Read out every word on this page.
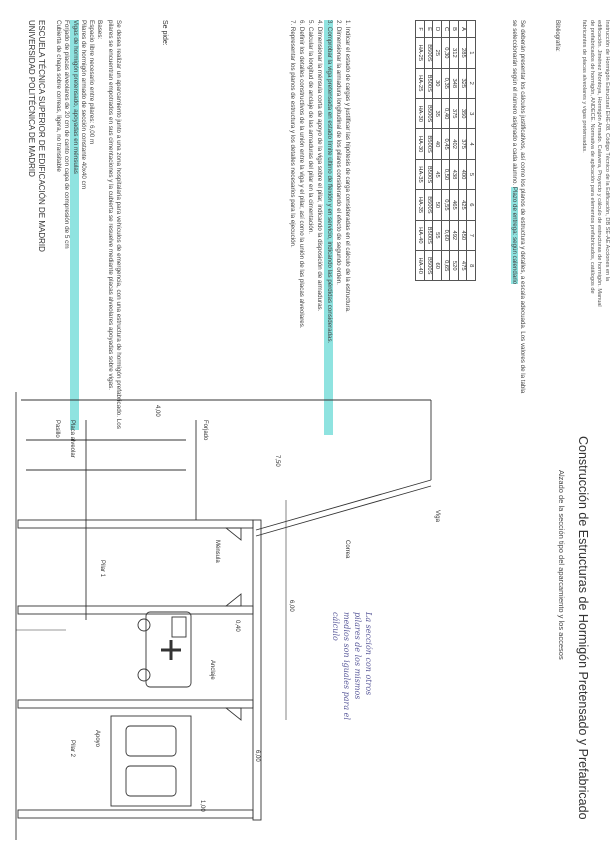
ESCUELA TÉCNICA SUPERIOR DE EDIFICACIÓN DE MADRID
UNIVERSIDAD POLITÉCNICA DE MADRID	Se desea realizar un aparcamiento junto a una zona hospitalaria para vehículos de emergencia, con una estructura de hormigón prefabricado. Los pilares se encuentran empotrados en sus cimentaciones y la cubierta se resuelve mediante placas alveolares apoyadas sobre vigas.
Bases:
Espacio libre necesario entre pilares: 6,00 m
Pilares de hormigón armado de sección constante 40x40 cm
Vigas de hormigón pretensado, apoyadas en ménsulas
Forjado de placas alveolares de 20 cm de canto con capa de compresión de 5 cm
Cubierta de chapa sobre correas, ligera, no transitable	Se pide:	1. Indicar el estado de cargas y justificar las hipótesis de carga consideradas en el cálculo de la estructura.

2. Dimensionar la armadura longitudinal de los pilares considerando el efecto de segundo orden.

3. Comprobar la viga pretensada en estado límite último de flexión y en servicio, indicando las pérdidas consideradas.

4. Dimensionar la ménsula corta de apoyo de la viga sobre el pilar, indicando la disposición de armaduras.

5. Calcular la longitud de anclaje de las armaduras del pilar en la cimentación.

6. Definir los detalles constructivos de la unión entre la viga y el pilar, así como la unión de las placas alveolares.

7. Representar los planos de estructura y los detalles necesarios para la ejecución.

		1	2	3	4	5	6	7	8
A	285	325	350	375	400	425	450	475
B	312	348	375	402	438	465	492	520
C	0,30	0,35	0,40	0,45	0,50	0,55	0,60	0,65
D	25	30	35	40	45	50	55	60
E	B500S	B500S	B500S	B500S	B500S	B500S	B500S	B500S
F	HA-25	HA-25	HA-30	HA-30	HA-35	HA-35	HA-40	HA-40	Se deberán presentar los cálculos justificativos, así como los planos de estructura y detalles, a escala adecuada. Los valores de la tabla se seleccionarán según el número asignado a cada alumno. Plazo de entrega: según calendario
Bibliografía:	Instrucción de Hormigón Estructural EHE-08. Código Técnico de la Edificación, DB SE-AE Acciones en la edificación. Jiménez Montoya, Hormigón Armado. Calavera, Proyecto y cálculo de estructuras de hormigón. Manual de prefabricados de hormigón, ANDECE. Normativa de aplicación para elementos prefabricados, catálogos de fabricantes de placas alveolares y vigas pretensadas.
Construcción de Estructuras de Hormigón Pretensado y Prefabricado
Alzado de la sección tipo del aparcamiento y los accesos
Viga
Correa
Pilar 1
Pilar 2
Ménsula
Forjado
Placa alveolar
Anclaje
Apoyo
Pasillo
7,50
6,00
4,00
0,40
6,00
1,00
La sección con otros pilares de los mismos medios son iguales para el cálculo
